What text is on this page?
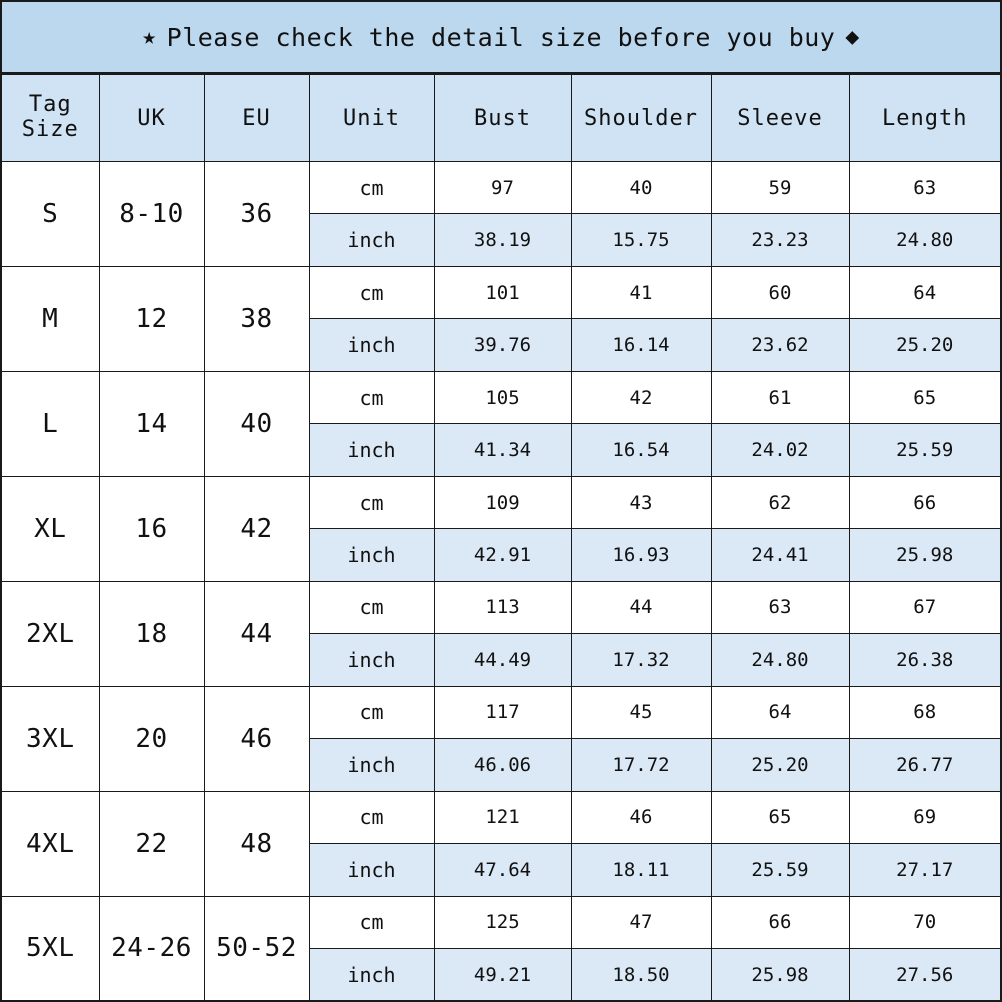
★ Please check the detail size before you buy ◆
Tag
Size	UK	EU	Unit	Bust	Shoulder	Sleeve	Length
S	8-10	36	cm	97	40	59	63
			inch	38.19	15.75	23.23	24.80
M	12	38	cm	101	41	60	64
			inch	39.76	16.14	23.62	25.20
L	14	40	cm	105	42	61	65
			inch	41.34	16.54	24.02	25.59
XL	16	42	cm	109	43	62	66
			inch	42.91	16.93	24.41	25.98
2XL	18	44	cm	113	44	63	67
			inch	44.49	17.32	24.80	26.38
3XL	20	46	cm	117	45	64	68
			inch	46.06	17.72	25.20	26.77
4XL	22	48	cm	121	46	65	69
			inch	47.64	18.11	25.59	27.17
5XL	24-26	50-52	cm	125	47	66	70
			inch	49.21	18.50	25.98	27.56
